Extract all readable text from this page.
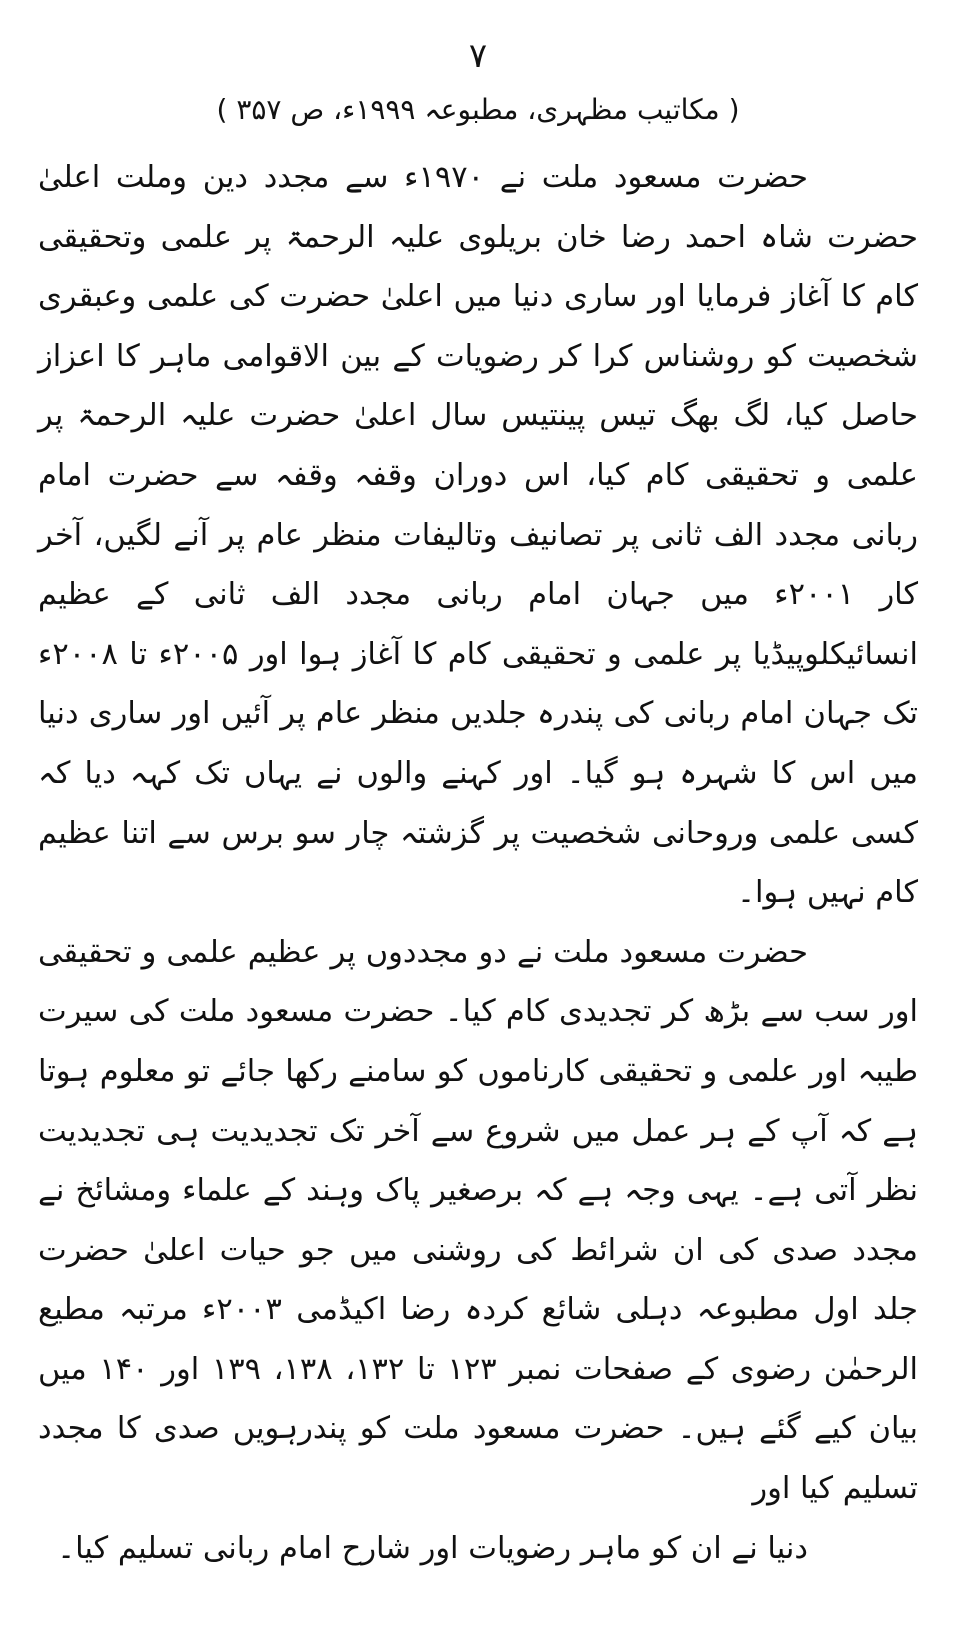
۷
( مکاتیب مظہری، مطبوعہ ۱۹۹۹ء، ص ۳۵۷ )

حضرت مسعود ملت نے ۱۹۷۰ء سے مجدد دین وملت اعلیٰ حضرت شاہ احمد رضا خان بریلوی علیہ الرحمۃ پر علمی وتحقیقی کام کا آغاز فرمایا اور ساری دنیا میں اعلیٰ حضرت کی علمی وعبقری شخصیت کو روشناس کرا کر رضویات کے بین الاقوامی ماہر کا اعزاز حاصل کیا، لگ بھگ تیس پینتیس سال اعلیٰ حضرت علیہ الرحمۃ پر علمی و تحقیقی کام کیا، اس دوران وقفہ وقفہ سے حضرت امام ربانی مجدد الف ثانی پر تصانیف وتالیفات منظر عام پر آنے لگیں، آخر کار ۲۰۰۱ء میں جہان امام ربانی مجدد الف ثانی کے عظیم انسائیکلوپیڈیا پر علمی و تحقیقی کام کا آغاز ہوا اور ۲۰۰۵ء تا ۲۰۰۸ء تک جہان امام ربانی کی پندرہ جلدیں منظر عام پر آئیں اور ساری دنیا میں اس کا شہرہ ہو گیا۔ اور کہنے والوں نے یہاں تک کہہ دیا کہ کسی علمی وروحانی شخصیت پر گزشتہ چار سو برس سے اتنا عظیم کام نہیں ہوا۔

حضرت مسعود ملت نے دو مجددوں پر عظیم علمی و تحقیقی اور سب سے بڑھ کر تجدیدی کام کیا۔ حضرت مسعود ملت کی سیرت طیبہ اور علمی و تحقیقی کارناموں کو سامنے رکھا جائے تو معلوم ہوتا ہے کہ آپ کے ہر عمل میں شروع سے آخر تک تجدیدیت ہی تجدیدیت نظر آتی ہے۔ یہی وجہ ہے کہ برصغیر پاک وہند کے علماء ومشائخ نے مجدد صدی کی ان شرائط کی روشنی میں جو حیات اعلیٰ حضرت جلد اول مطبوعہ دہلی شائع کردہ رضا اکیڈمی ۲۰۰۳ء مرتبہ مطیع الرحمٰن رضوی کے صفحات نمبر ۱۲۳ تا ۱۳۲، ۱۳۸، ۱۳۹ اور ۱۴۰ میں بیان کیے گئے ہیں۔ حضرت مسعود ملت کو پندرہویں صدی کا مجدد تسلیم کیا اور

دنیا نے ان کو ماہر رضویات اور شارح امام ربانی تسلیم کیا۔
